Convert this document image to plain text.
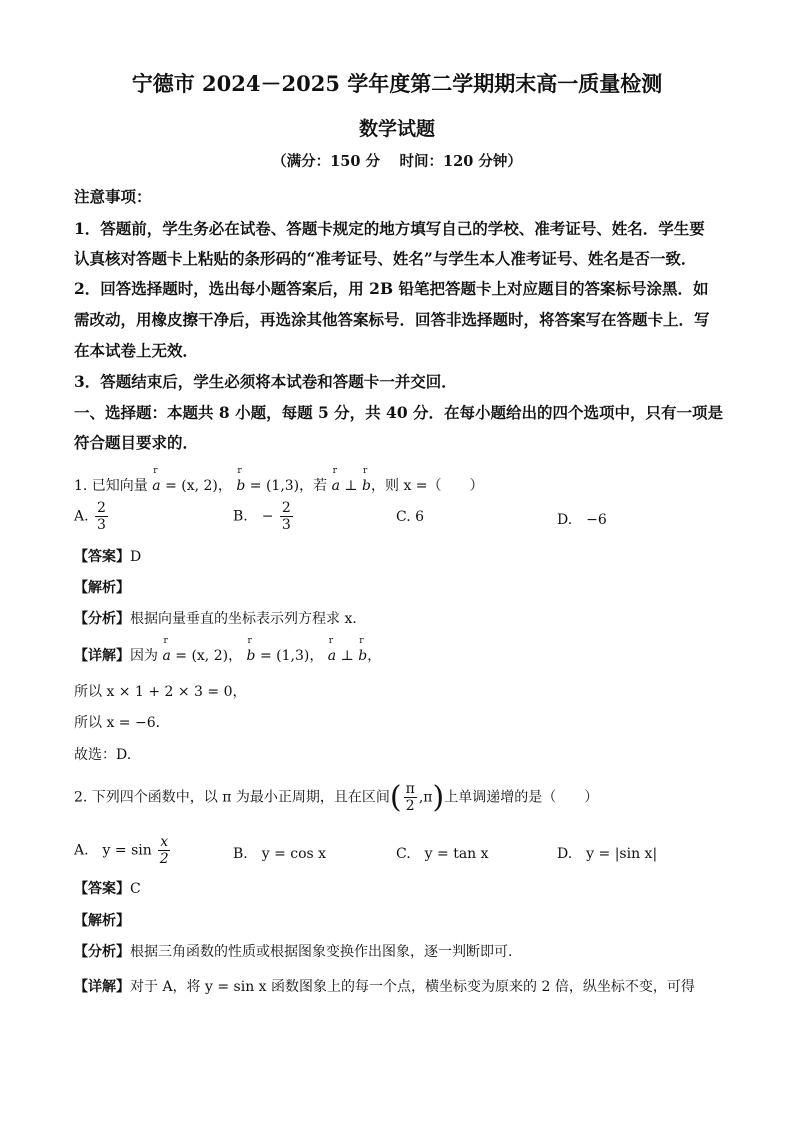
宁德市 2024－2025 学年度第二学期期末高一质量检测
数学试题
（满分：150 分　 时间：120 分钟）
注意事项：
1．答题前，学生务必在试卷、答题卡规定的地方填写自己的学校、准考证号、姓名．学生要
认真核对答题卡上粘贴的条形码的“准考证号、姓名”与学生本人准考证号、姓名是否一致．
2．回答选择题时，选出每小题答案后，用 2B 铅笔把答题卡上对应题目的答案标号涂黑．如
需改动，用橡皮擦干净后，再选涂其他答案标号．回答非选择题时，将答案写在答题卡上．写
在本试卷上无效．
3．答题结束后，学生必须将本试卷和答题卡一并交回．
一、选择题：本题共 8 小题，每题 5 分，共 40 分．在每小题给出的四个选项中，只有一项是
符合题目要求的．
1. 已知向量 a
r
= (x, 2)， b
r
= (1,3)，若 a
r
⊥ b
r
，则 x =（　　）
A. $\frac{2}{3}$	B.　− $\frac{2}{3}$	C. 6	D.　−6
【答案】D
【解析】
【分析】根据向量垂直的坐标表示列方程求 x．
【详解】因为 a
r
= (x, 2)， b
r
= (1,3)， a
r
⊥ b
r
，
所以 x × 1 + 2 × 3 = 0，
所以 x = −6．
故选：D.
2. 下列四个函数中，以 π 为最小正周期，且在区间( $\frac{\pi}{2} ,\pi$)上单调递增的是（　　）
A.　$y = \sin \frac{x}{2}$	B.　y = cos x	C.　y = tan x	D.　y = |sin x|
【答案】C
【解析】
【分析】根据三角函数的性质或根据图象变换作出图象，逐一判断即可.
【详解】对于 A，将 y = sin x 函数图象上的每一个点，横坐标变为原来的 2 倍，纵坐标不变，可得
